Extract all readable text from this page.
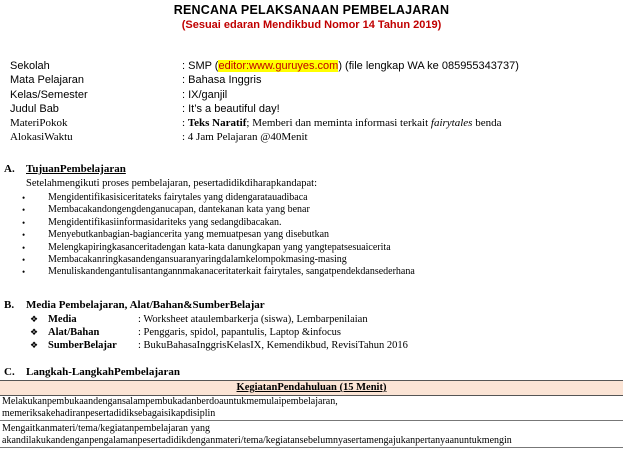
RENCANA PELAKSANAAN PEMBELAJARAN
(Sesuai edaran Mendikbud Nomor 14 Tahun 2019)
Sekolah	: SMP (editor:www.guruyes.com) (file lengkap WA ke 085955343737)
Mata Pelajaran	: Bahasa Inggris
Kelas/Semester	: IX/ganjil
Judul Bab	: It’s a beautiful day!
MateriPokok	: Teks Naratif; Memberi dan meminta informasi terkait fairytales benda
AlokasiWaktu	: 4 Jam Pelajaran @40Menit
A. TujuanPembelajaran
Setelahmengikuti proses pembelajaran, pesertadidikdiharapkandapat:
•	Mengidentifikasisiceritateks fairytales yang didengaratauadibaca
•	Membacakandongengdenganucapan, dantekanan kata yang benar
•	Mengidentifikasiinformasidariteks yang sedangdibacakan.
•	Menyebutkanbagian-bagiancerita yang memuatpesan yang disebutkan
•	Melengkapiringkasanceritadengan kata-kata danungkapan yang yangtepatsesuaicerita
•	Membacakanringkasandengansuaranyaringdalamkelompokmasing-masing
•	Menuliskandengantulisantangannmakanaceritaterkait fairytales, sangatpendekdansederhana
B. Media Pembelajaran, Alat/Bahan&SumberBelajar
❖ Media	: Worksheet ataulembarkerja (siswa), Lembarpenilaian
❖ Alat/Bahan	: Penggaris, spidol, papantulis, Laptop &infocus
❖ SumberBelajar	: BukuBahasaInggrisKelasIX, Kemendikbud, RevisiTahun 2016
C. Langkah-LangkahPembelajaran
KegiatanPendahuluan (15 Menit)
Melakukanpembukaandengansalampembukadanberdoauntukmemulaipembelajaran,
memeriksakehadiranpesertadidiksebagaisikapdisiplin
Mengaitkanmateri/tema/kegiatanpembelajaran yang
akandilakukandenganpengalamanpesertadidikdenganmateri/tema/kegiatansebelumnyasertamengajukanpertanyaanuntukmengin
